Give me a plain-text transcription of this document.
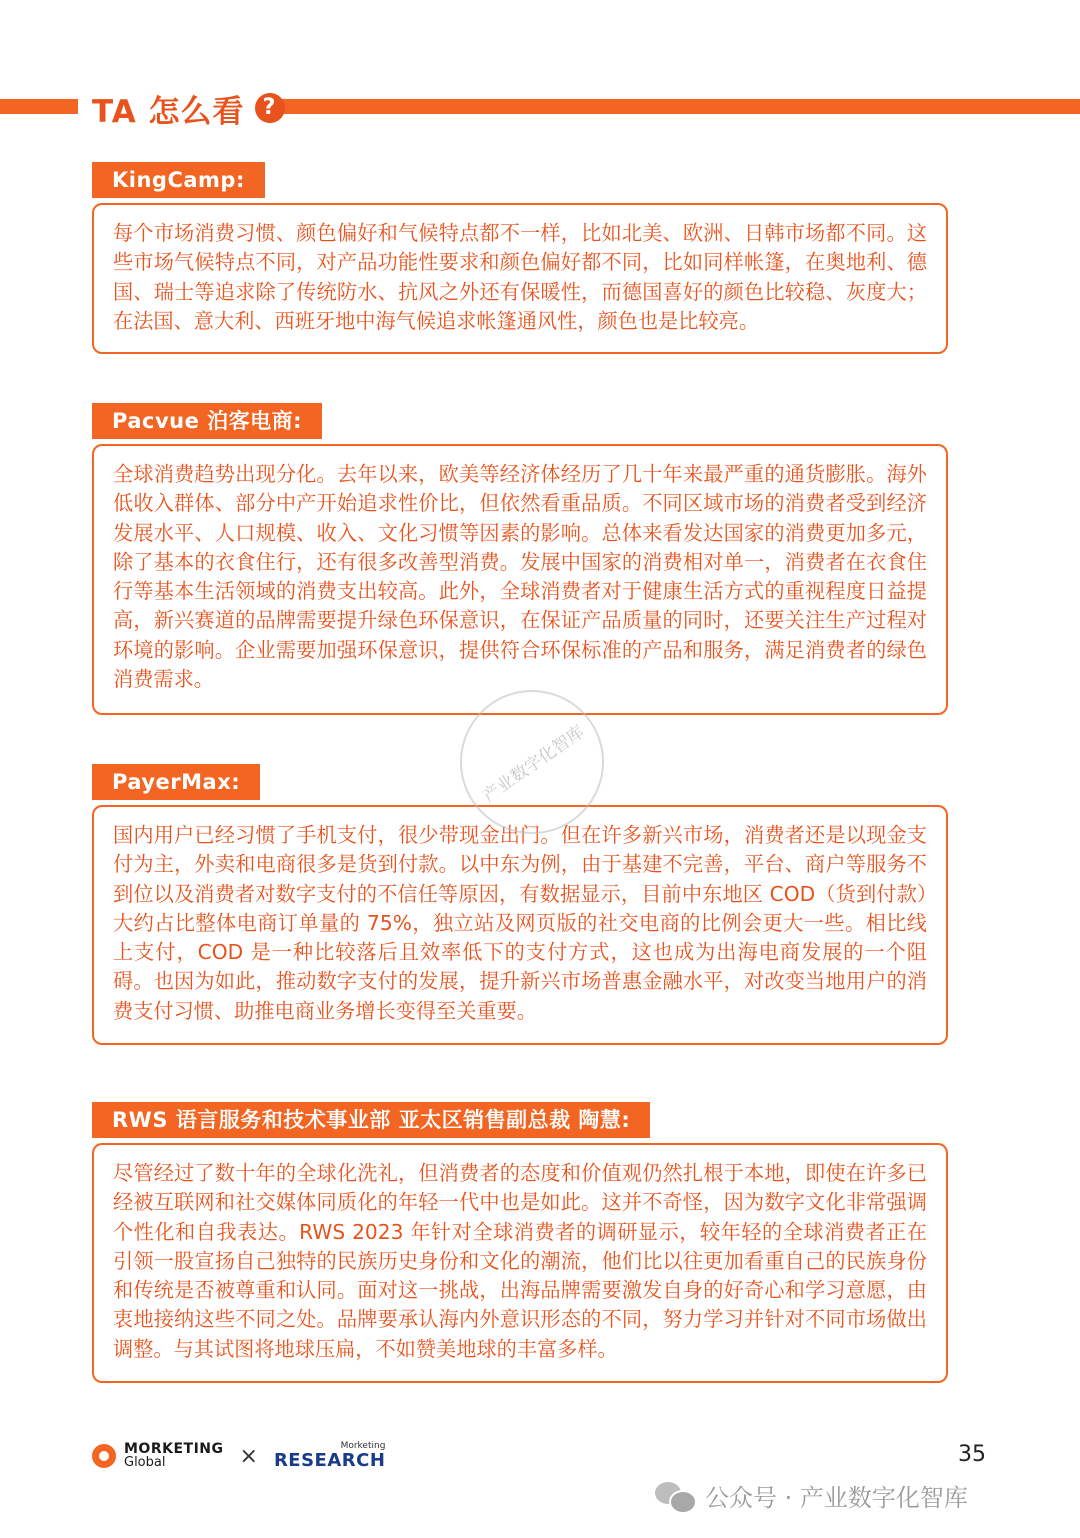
TA 怎么看 ?
KingCamp:

每个市场消费习惯、颜色偏好和气候特点都不一样，比如北美、欧洲、日韩市场都不同。这些市场气候特点不同，对产品功能性要求和颜色偏好都不同，比如同样帐篷，在奥地利、德国、瑞士等追求除了传统防水、抗风之外还有保暖性，而德国喜好的颜色比较稳、灰度大；在法国、意大利、西班牙地中海气候追求帐篷通风性，颜色也是比较亮。

Pacvue 泊客电商:

全球消费趋势出现分化。去年以来，欧美等经济体经历了几十年来最严重的通货膨胀。海外低收入群体、部分中产开始追求性价比，但依然看重品质。不同区域市场的消费者受到经济发展水平、人口规模、收入、文化习惯等因素的影响。总体来看发达国家的消费更加多元，除了基本的衣食住行，还有很多改善型消费。发展中国家的消费相对单一，消费者在衣食住行等基本生活领域的消费支出较高。此外，全球消费者对于健康生活方式的重视程度日益提高，新兴赛道的品牌需要提升绿色环保意识，在保证产品质量的同时，还要关注生产过程对环境的影响。企业需要加强环保意识，提供符合环保标准的产品和服务，满足消费者的绿色消费需求。

PayerMax:

国内用户已经习惯了手机支付，很少带现金出门。但在许多新兴市场，消费者还是以现金支付为主，外卖和电商很多是货到付款。以中东为例，由于基建不完善，平台、商户等服务不到位以及消费者对数字支付的不信任等原因，有数据显示，目前中东地区 COD（货到付款）大约占比整体电商订单量的 75%，独立站及网页版的社交电商的比例会更大一些。相比线上支付，COD 是一种比较落后且效率低下的支付方式，这也成为出海电商发展的一个阻碍。也因为如此，推动数字支付的发展，提升新兴市场普惠金融水平，对改变当地用户的消费支付习惯、助推电商业务增长变得至关重要。

RWS 语言服务和技术事业部 亚太区销售副总裁 陶慧:

尽管经过了数十年的全球化洗礼，但消费者的态度和价值观仍然扎根于本地，即使在许多已经被互联网和社交媒体同质化的年轻一代中也是如此。这并不奇怪，因为数字文化非常强调个性化和自我表达。RWS 2023 年针对全球消费者的调研显示，较年轻的全球消费者正在引领一股宣扬自己独特的民族历史身份和文化的潮流，他们比以往更加看重自己的民族身份和传统是否被尊重和认同。面对这一挑战，出海品牌需要激发自身的好奇心和学习意愿，由衷地接纳这些不同之处。品牌要承认海内外意识形态的不同，努力学习并针对不同市场做出调整。与其试图将地球压扁，不如赞美地球的丰富多样。

产业数字化智库
MORKETING
Global	×	Morketing
RESEARCH	35
公众号 · 产业数字化智库
